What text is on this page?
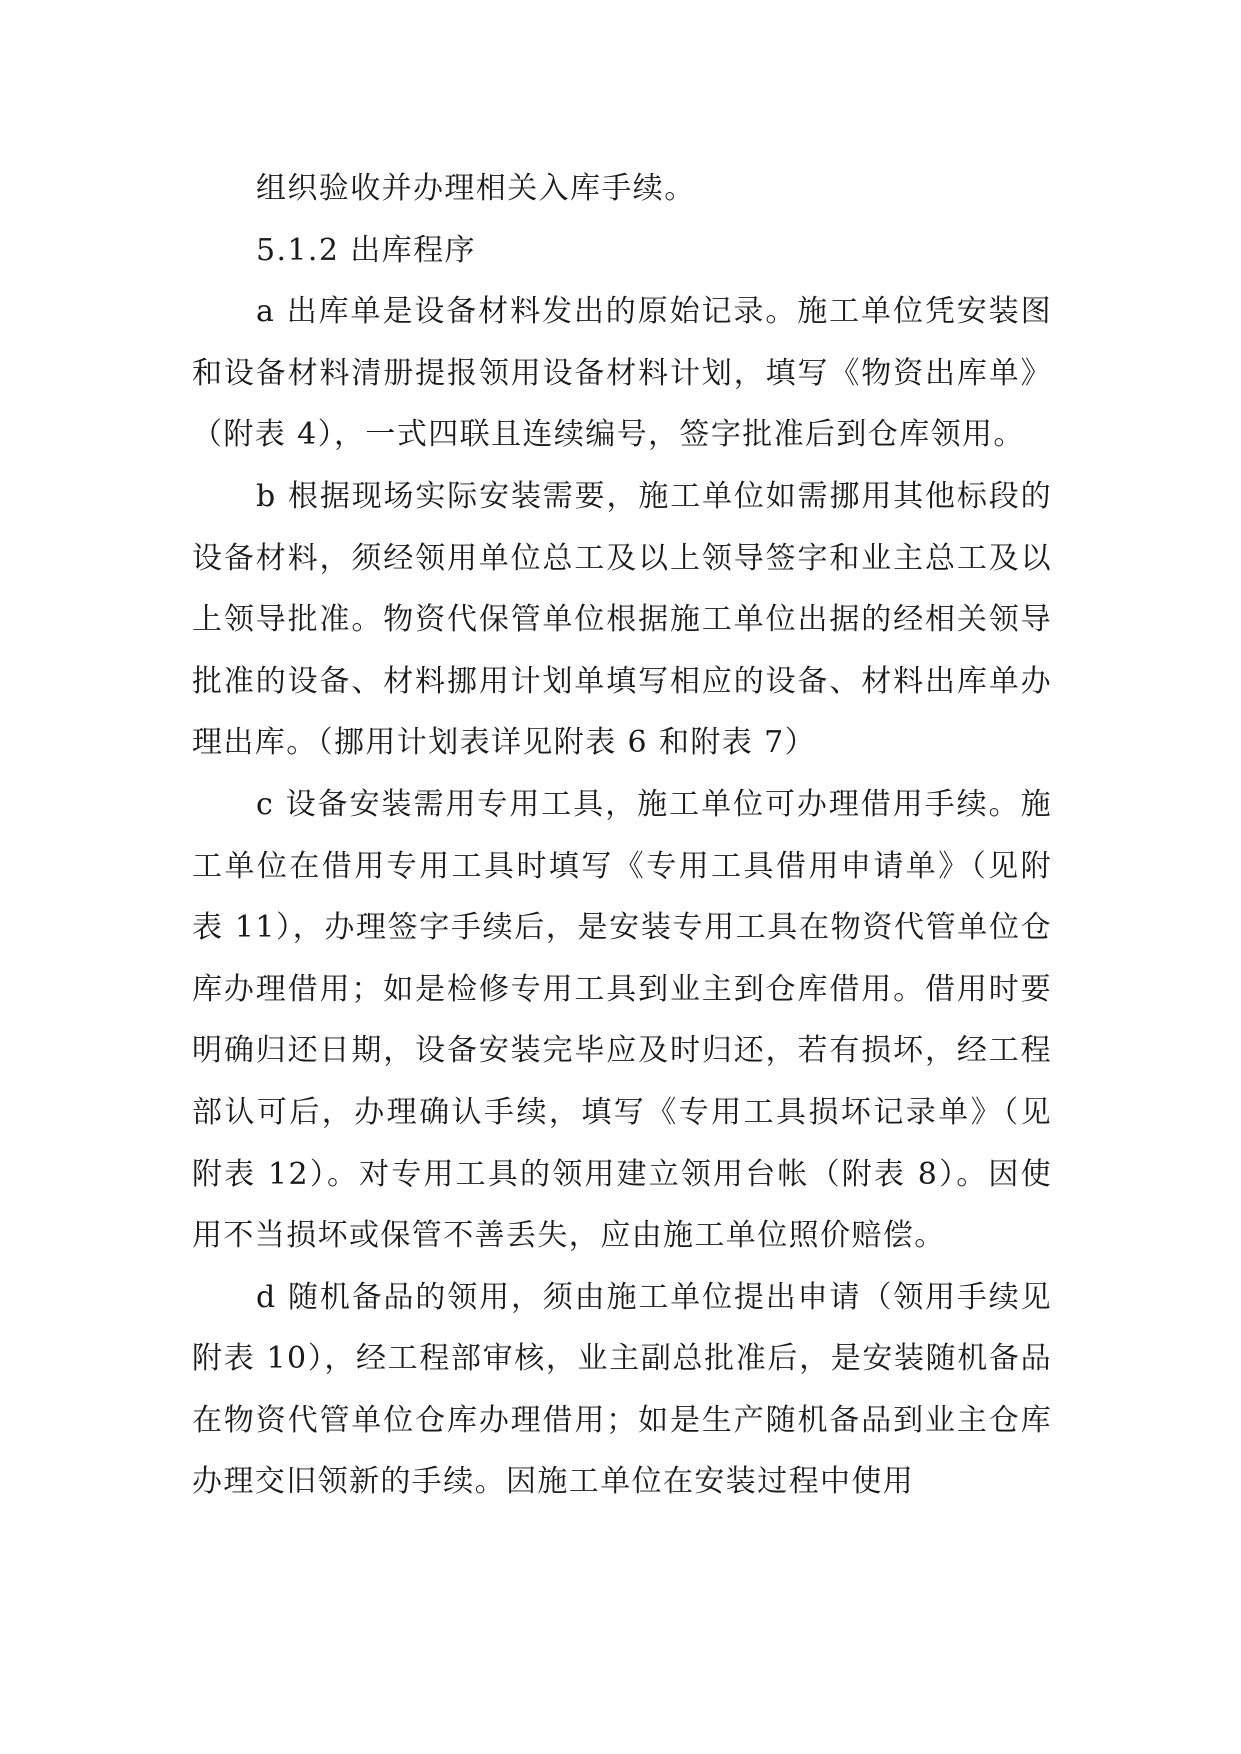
组织验收并办理相关入库手续。

5.1.2 出库程序

a 出库单是设备材料发出的原始记录。施工单位凭安装图和设备材料清册提报领用设备材料计划，填写《物资出库单》（附表 4），一式四联且连续编号，签字批准后到仓库领用。

b 根据现场实际安装需要，施工单位如需挪用其他标段的设备材料，须经领用单位总工及以上领导签字和业主总工及以上领导批准。物资代保管单位根据施工单位出据的经相关领导批准的设备、材料挪用计划单填写相应的设备、材料出库单办理出库。（挪用计划表详见附表 6 和附表 7）

c 设备安装需用专用工具，施工单位可办理借用手续。施工单位在借用专用工具时填写《专用工具借用申请单》（见附表 11），办理签字手续后，是安装专用工具在物资代管单位仓库办理借用；如是检修专用工具到业主到仓库借用。借用时要明确归还日期，设备安装完毕应及时归还，若有损坏，经工程部认可后，办理确认手续，填写《专用工具损坏记录单》（见附表 12）。对专用工具的领用建立领用台帐（附表 8）。因使用不当损坏或保管不善丢失，应由施工单位照价赔偿。

d 随机备品的领用，须由施工单位提出申请（领用手续见附表 10），经工程部审核，业主副总批准后，是安装随机备品在物资代管单位仓库办理借用；如是生产随机备品到业主仓库办理交旧领新的手续。因施工单位在安装过程中使用
